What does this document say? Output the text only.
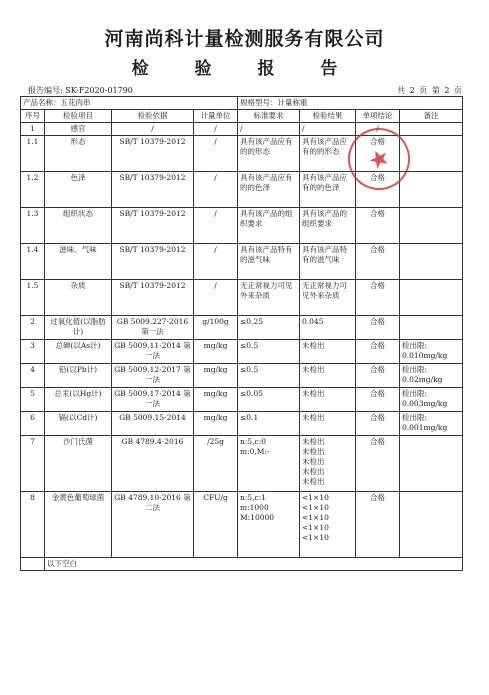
河南尚科计量检测服务有限公司
检 验 报 告
报告编号: SK-F2020-01790	共 2 页 第 2 页
产品名称：五花肉串				规格型号：计量称重			
序号	检验项目	检验依据	计量单位	标准要求	检验结果	单项结论	备注
1	感官	/	/	/	/	/	
1.1	形态	SB/T 10379-2012	/	具有该产品应有的的形态	具有该产品应有的的形态	合格	
1.2	色泽	SB/T 10379-2012	/	具有该产品应有的的色泽	具有该产品应有的的色泽	合格	
1.3	组织状态	SB/T 10379-2012	/	具有该产品的组织要求	具有该产品的组织要求	合格	
1.4	滋味、气味	SB/T 10379-2012	/	具有该产品特有的滋气味	具有该产品特有的滋气味	合格	
1.5	杂质	SB/T 10379-2012	/	无正常视力可见外来杂质	无正常视力可见外来杂质	合格	
2	过氧化值(以脂肪计)	GB 5009.227-2016 第一法	g/100g	≤0.25	0.045	合格	
3	总砷(以As计)	GB 5009.11-2014 第一法	mg/kg	≤0.5	未检出	合格	检出限: 0.010mg/kg
4	铅(以Pb计)	GB 5009.12-2017 第一法	mg/kg	≤0.5	未检出	合格	检出限: 0.02mg/kg
5	总汞(以Hg计)	GB 5009.17-2014 第一法	mg/kg	≤0.05	未检出	合格	检出限: 0.003mg/kg
6	镉(以Cd计)	GB 5009.15-2014	mg/kg	≤0.1	未检出	合格	检出限: 0.001mg/kg
7	沙门氏菌	GB 4789.4-2016	/25g	n:5,c:0 m:0,M:-	未检出
未检出
未检出
未检出
未检出	合格	
8	金黄色葡萄球菌	GB 4789.10-2016 第二法	CFU/g	n:5,c:1
m:1000
M:10000	<1×10
<1×10
<1×10
<1×10
<1×10	合格	
	以下空白						
